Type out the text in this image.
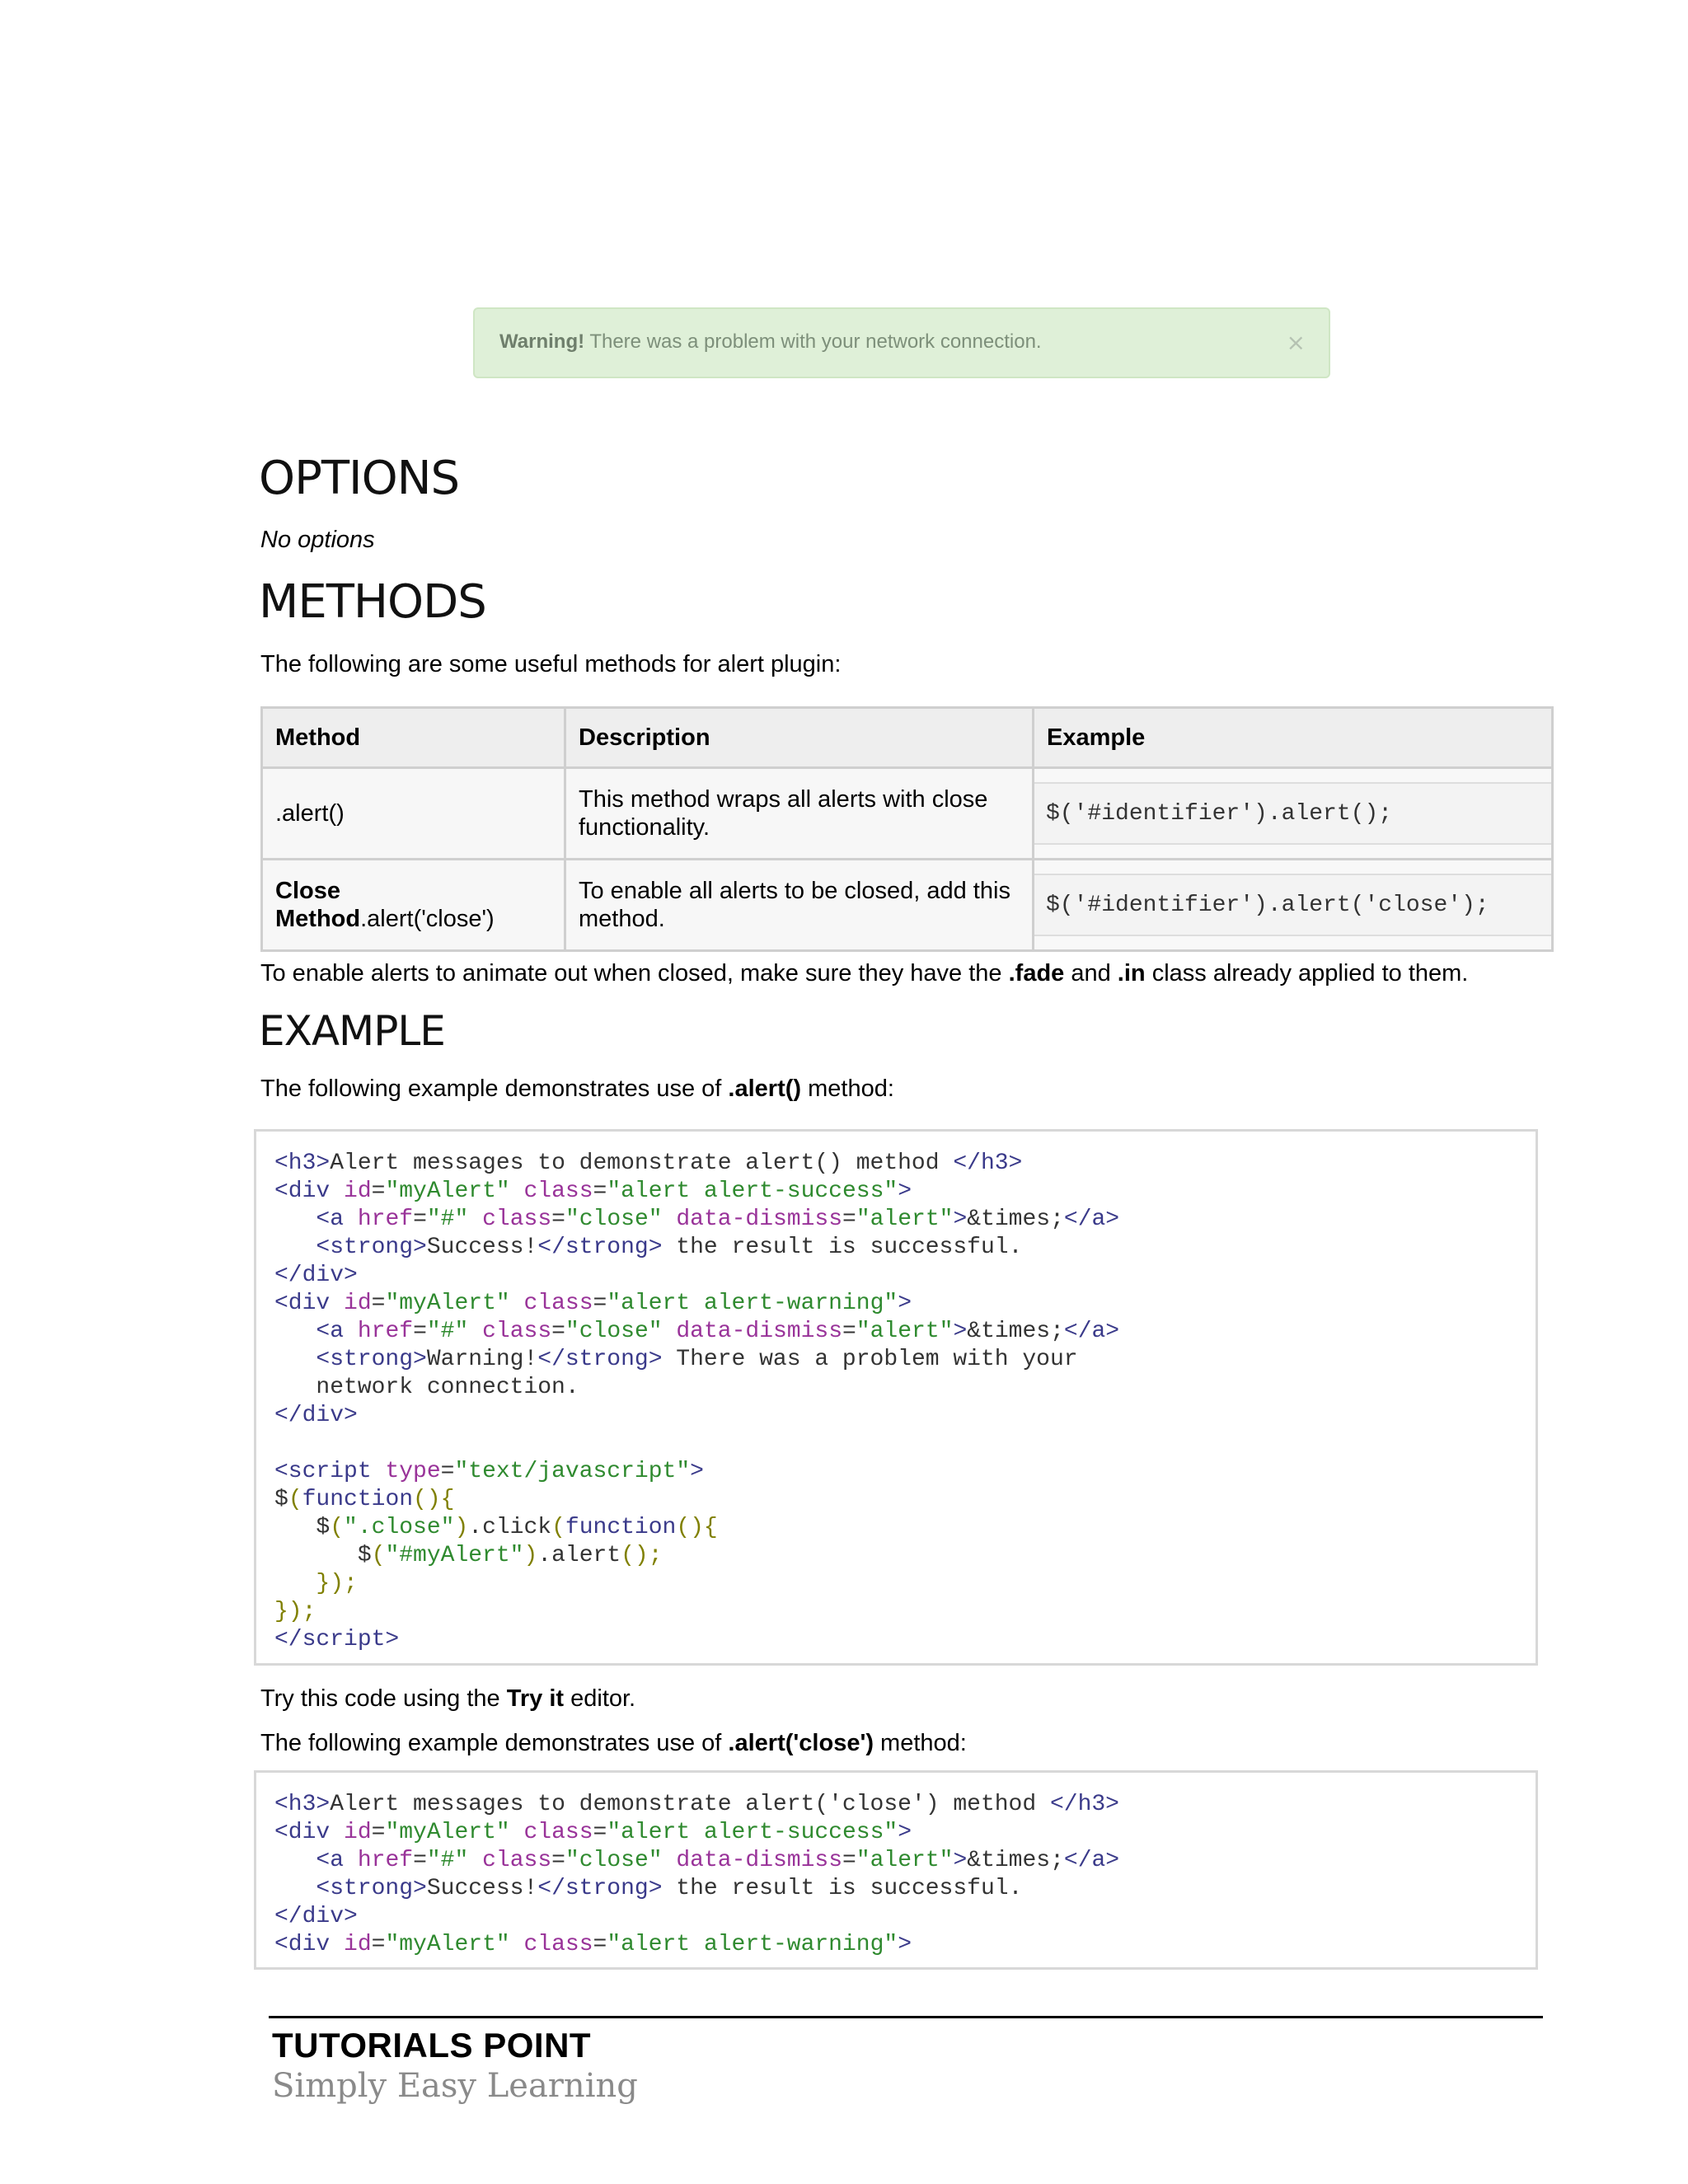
Warning! There was a problem with your network connection.	×
OPTIONS
No options
METHODS
The following are some useful methods for alert plugin:
Method	Description	Example
.alert()	This method wraps all alerts with close functionality.	$('#identifier').alert();

Close Method.alert('close')	To enable all alerts to be closed, add this method.	$('#identifier').alert('close');
To enable alerts to animate out when closed, make sure they have the .fade and .in class already applied to them.
EXAMPLE
The following example demonstrates use of .alert() method:
<h3>Alert messages to demonstrate alert() method </h3>
<div id="myAlert" class="alert alert-success">
<a href="#" class="close" data-dismiss="alert">&times;</a>
<strong>Success!</strong> the result is successful.
</div>
<div id="myAlert" class="alert alert-warning">
<a href="#" class="close" data-dismiss="alert">&times;</a>
<strong>Warning!</strong> There was a problem with your
network connection.
</div>

<script type="text/javascript">
$(function(){
$(".close").click(function(){
$("#myAlert").alert();
});
});
</script>
Try this code using the Try it editor.
The following example demonstrates use of .alert('close') method:
<h3>Alert messages to demonstrate alert('close') method </h3>
<div id="myAlert" class="alert alert-success">
<a href="#" class="close" data-dismiss="alert">&times;</a>
<strong>Success!</strong> the result is successful.
</div>
<div id="myAlert" class="alert alert-warning">
TUTORIALS POINT
Simply Easy Learning
